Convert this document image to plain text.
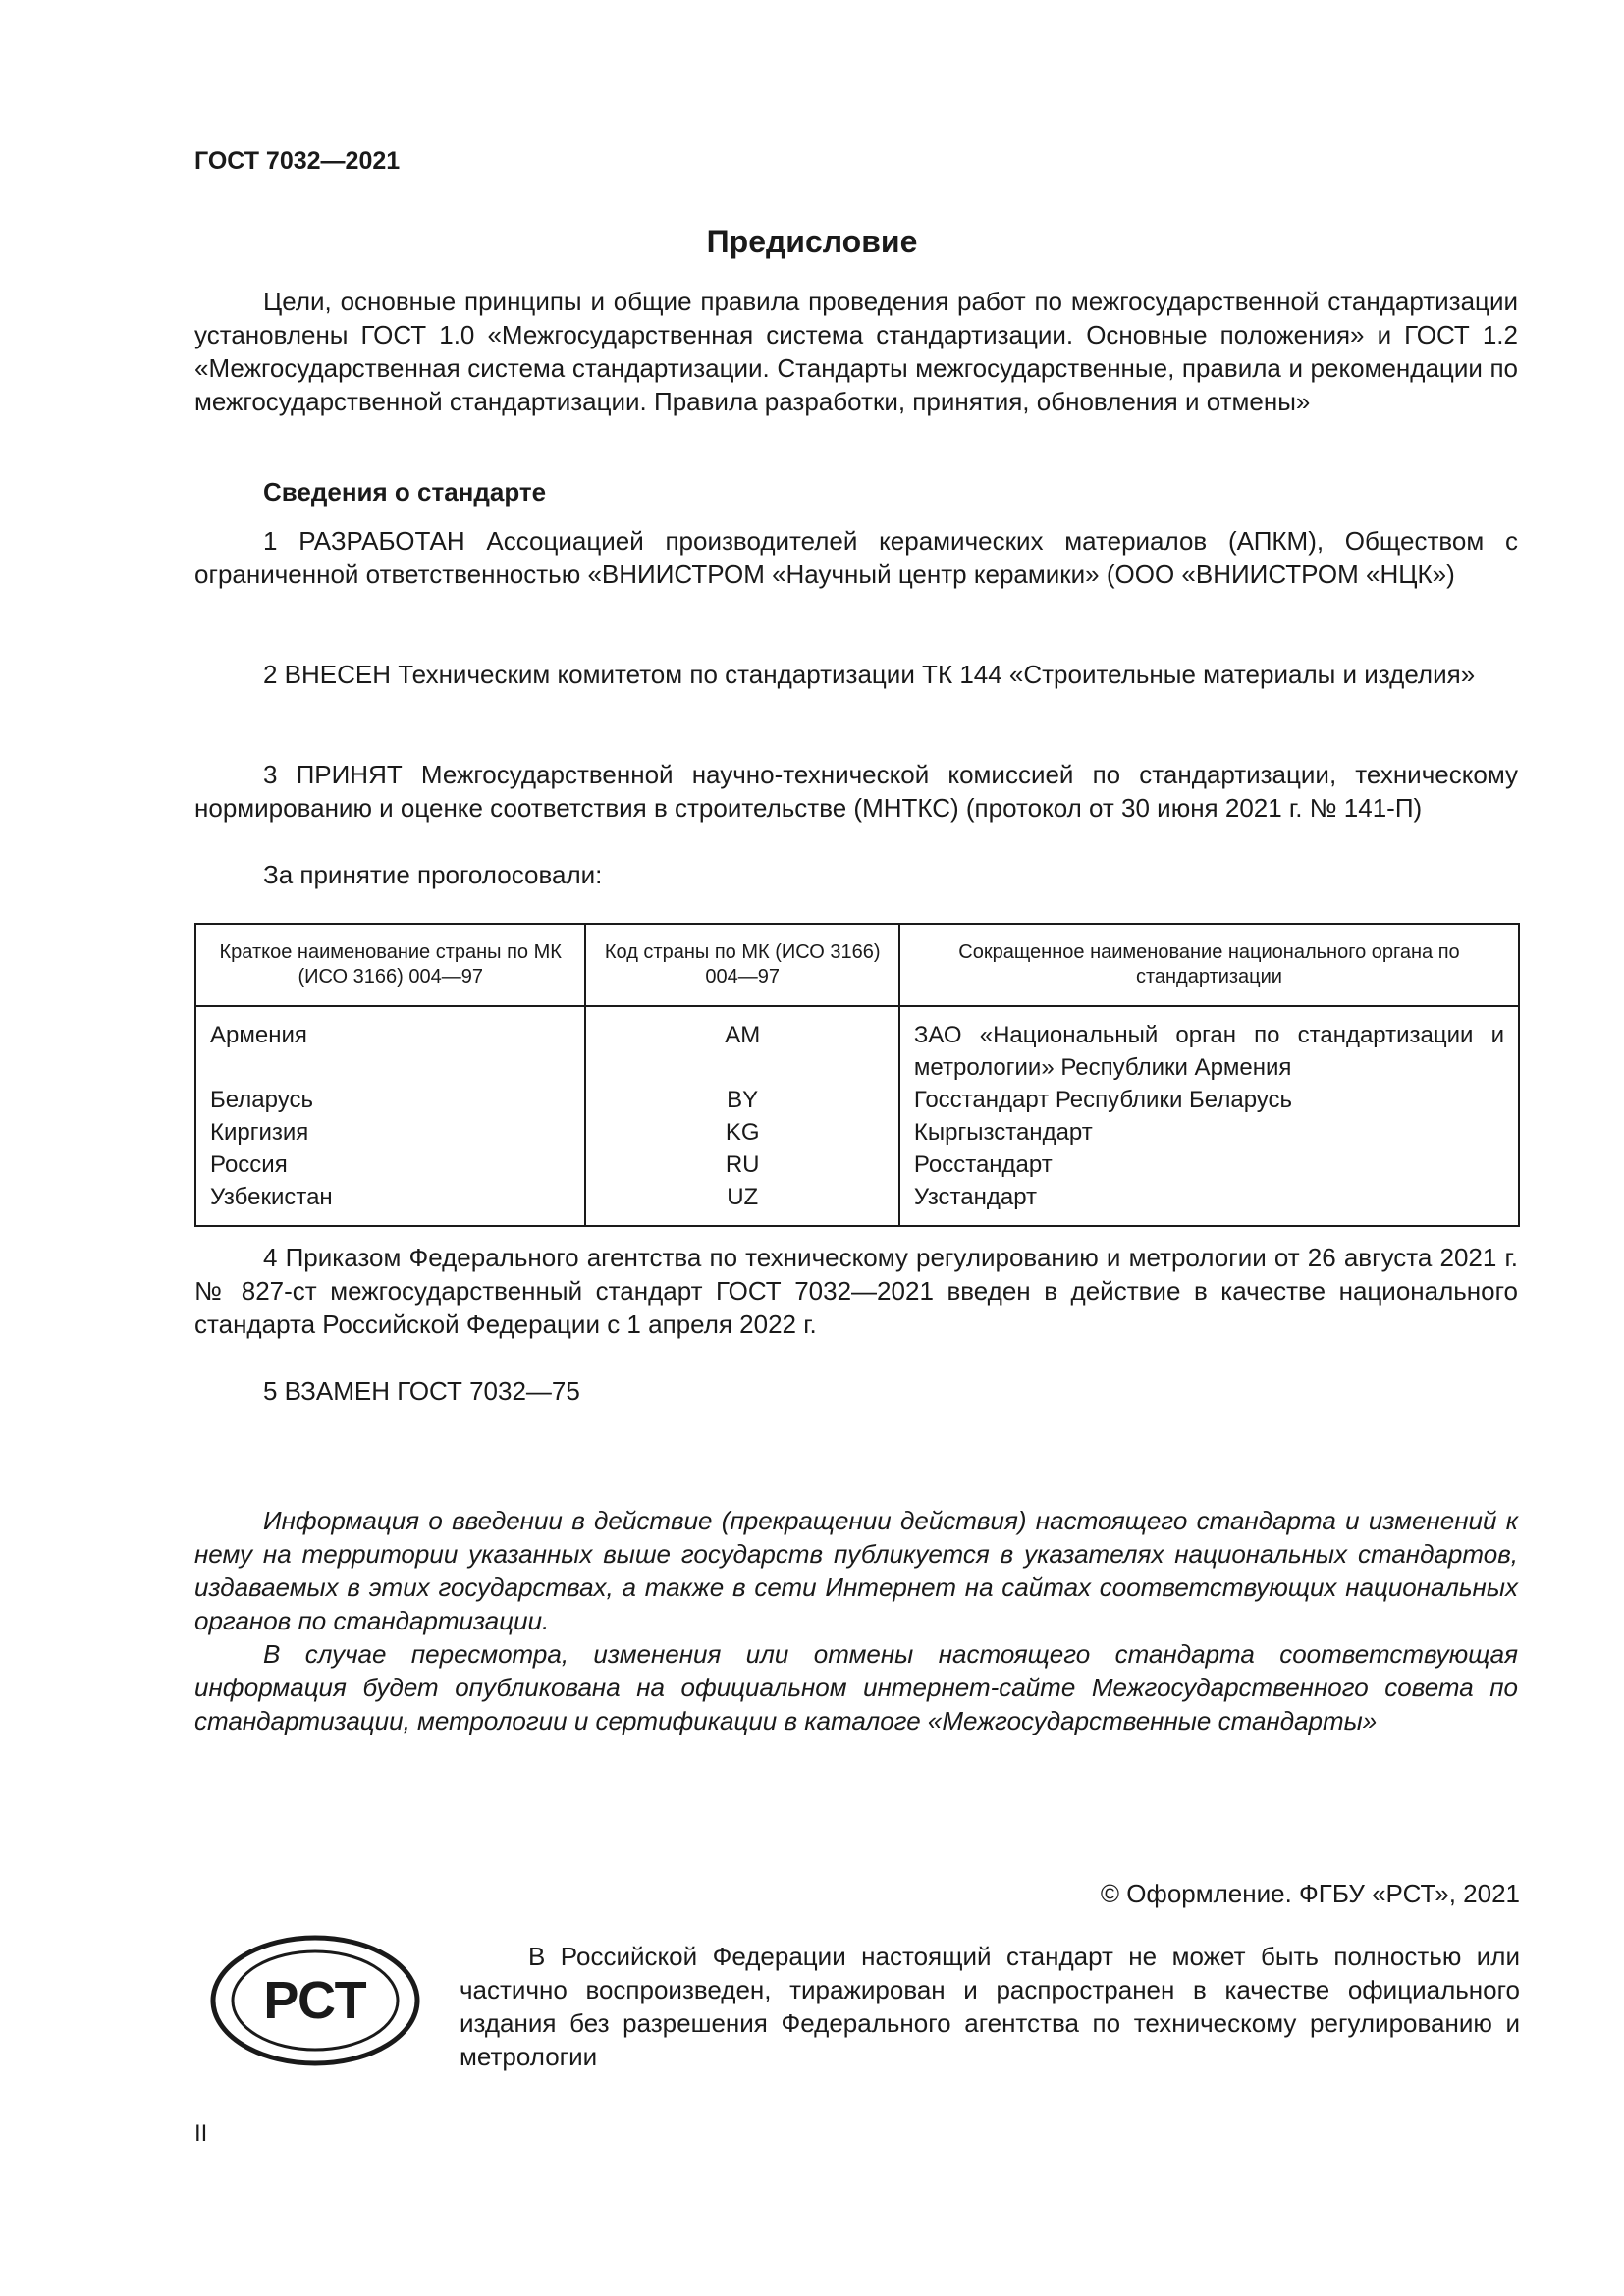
ГОСТ 7032—2021
Предисловие

Цели, основные принципы и общие правила проведения работ по межгосударственной стандартизации установлены ГОСТ 1.0 «Межгосударственная система стандартизации. Основные положения» и ГОСТ 1.2 «Межгосударственная система стандартизации. Стандарты межгосударственные, правила и рекомендации по межгосударственной стандартизации. Правила разработки, принятия, обновления и отмены»

Сведения о стандарте

1 РАЗРАБОТАН Ассоциацией производителей керамических материалов (АПКМ), Обществом с ограниченной ответственностью «ВНИИСТРОМ «Научный центр керамики» (ООО «ВНИИСТРОМ «НЦК»)

2 ВНЕСЕН Техническим комитетом по стандартизации ТК 144 «Строительные материалы и изделия»

3 ПРИНЯТ Межгосударственной научно-технической комиссией по стандартизации, техническому нормированию и оценке соответствия в строительстве (МНТКС) (протокол от 30 июня 2021 г. № 141-П)

За принятие проголосовали:

Краткое наименование страны по МК (ИСО 3166) 004—97	Код страны по МК (ИСО 3166) 004—97	Сокращенное наименование национального органа по стандартизации
Армения	AM	ЗАО «Национальный орган по стандартизации и метрологии» Республики Армения
Беларусь	BY	Госстандарт Республики Беларусь
Киргизия	KG	Кыргызстандарт
Россия	RU	Росстандарт
Узбекистан	UZ	Узстандарт

4 Приказом Федерального агентства по техническому регулированию и метрологии от 26 августа 2021 г. № 827-ст межгосударственный стандарт ГОСТ 7032—2021 введен в действие в качестве национального стандарта Российской Федерации с 1 апреля 2022 г.

5 ВЗАМЕН ГОСТ 7032—75

Информация о введении в действие (прекращении действия) настоящего стандарта и изменений к нему на территории указанных выше государств публикуется в указателях национальных стандартов, издаваемых в этих государствах, а также в сети Интернет на сайтах соответствующих национальных органов по стандартизации.

В случае пересмотра, изменения или отмены настоящего стандарта соответствующая информация будет опубликована на официальном интернет-сайте Межгосударственного совета по стандартизации, метрологии и сертификации в каталоге «Межгосударственные стандарты»

© Оформление. ФГБУ «РСТ», 2021
РСТ

В Российской Федерации настоящий стандарт не может быть полностью или частично воспроизведен, тиражирован и распространен в качестве официального издания без разрешения Федерального агентства по техническому регулированию и метрологии

II
